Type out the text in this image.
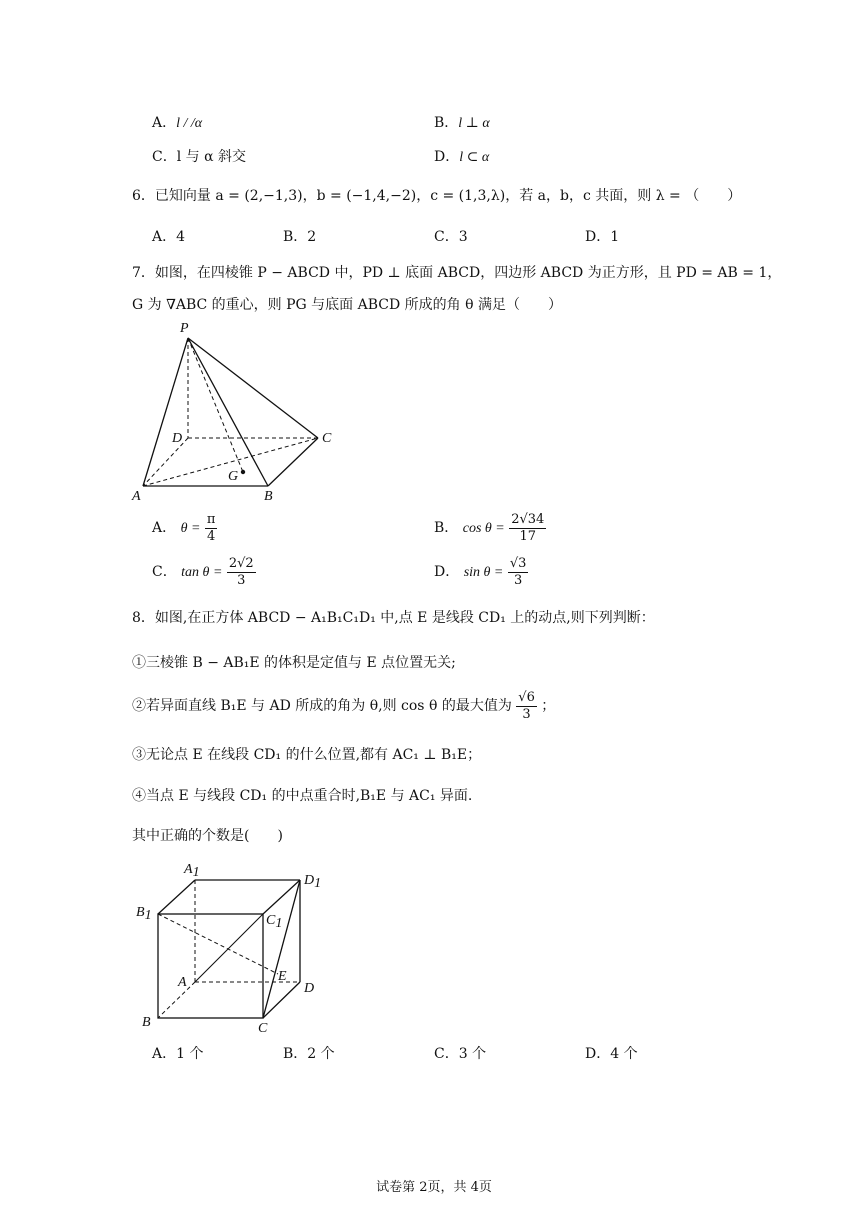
A．l / /α	B．l ⊥ α
C．l 与 α 斜交	D．l ⊂ α
6．已知向量 a = (2,−1,3)，b = (−1,4,−2)，c = (1,3,λ)，若 a，b，c 共面，则 λ = （　　）
A．4	B．2	C．3	D．1
7．如图，在四棱锥 P − ABCD 中，PD ⊥ 底面 ABCD，四边形 ABCD 为正方形，且 PD = AB = 1，
G 为 ∇ABC 的重心，则 PG 与底面 ABCD 所成的角 θ 满足（　　）
P
D	C
A	B
G
A． $\theta = \frac{\pi}{4}$	B． $\cos \theta = \frac{2√34}{17}$
C． $\tan \theta = \frac{2√2}{3}$	D． $\sin \theta = \frac{√3}{3}$
8．如图,在正方体 ABCD − A₁B₁C₁D₁ 中,点 E 是线段 CD₁ 上的动点,则下列判断：
①三棱锥 B − AB₁E 的体积是定值与 E 点位置无关;
②若异面直线 B₁E 与 AD 所成的角为 θ,则 cos θ 的最大值为 $\frac{√6}{3}$ ；
③无论点 E 在线段 CD₁ 的什么位置,都有 AC₁ ⊥ B₁E；
④当点 E 与线段 CD₁ 的中点重合时,B₁E 与 AC₁ 异面.
其中正确的个数是(　　)
A1
D1
B1	C1
A	E
D
B	C
A．1 个	B．2 个	C．3 个	D．4 个
试卷第 2页，共 4页
